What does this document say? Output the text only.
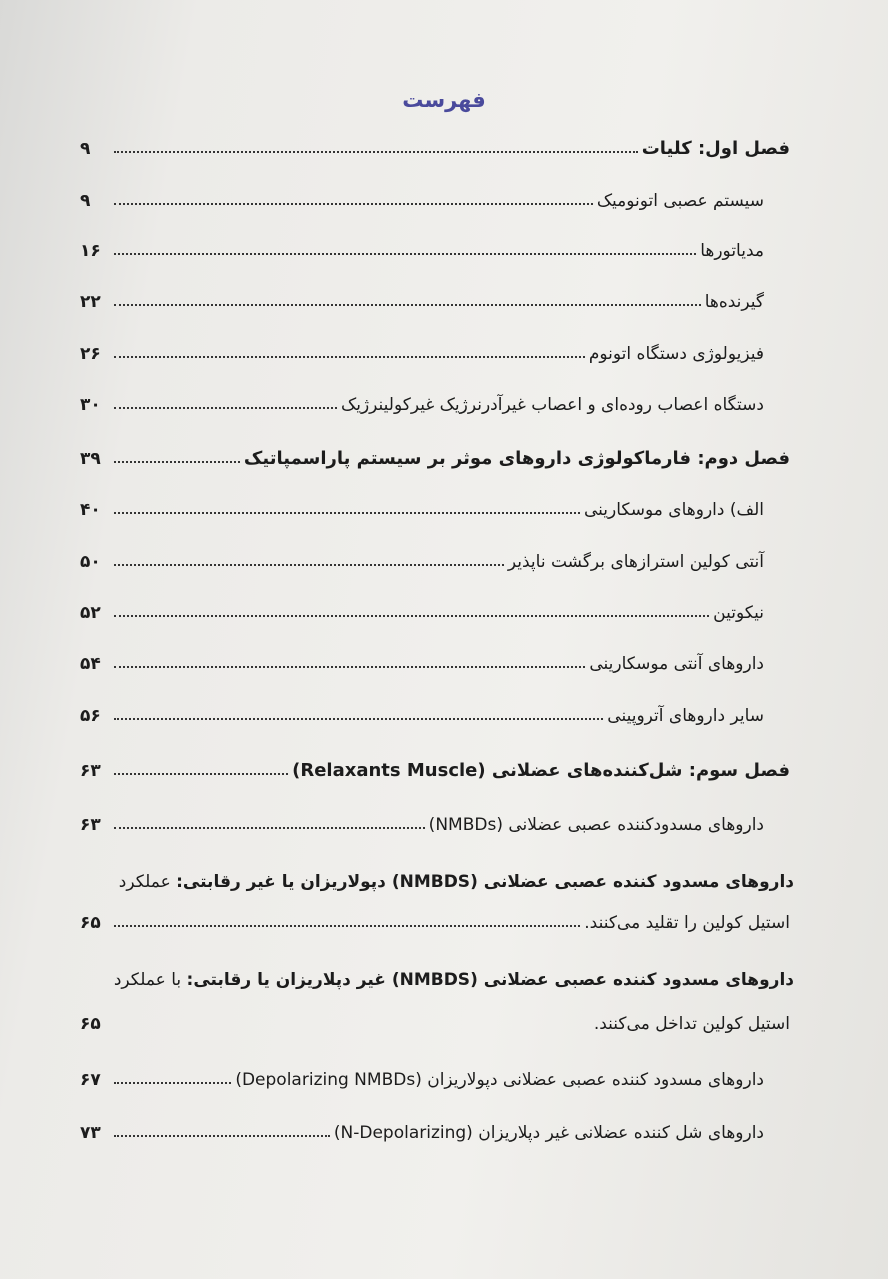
فهرست
فصل اول: کلیات
۹
سیستم عصبی اتونومیک
۹
مدیاتورها
۱۶
گیرنده‌ها
۲۲
فیزیولوژی دستگاه اتونوم
۲۶
دستگاه اعصاب روده‌ای و اعصاب غیرآدرنرژیک غیرکولینرژیک
۳۰
فصل دوم: فارماکولوژی داروهای موثر بر سیستم پاراسمپاتیک
۳۹
الف) داروهای موسکارینی
۴۰
آنتی کولین استرازهای برگشت ناپذیر
۵۰
نیکوتین
۵۲
داروهای آنتی موسکارینی
۵۴
سایر داروهای آتروپینی
۵۶
فصل سوم: شل‌کننده‌های عضلانی (Relaxants Muscle)
۶۳
داروهای مسدودکننده عصبی عضلانی (NMBDs)
۶۳
داروهای مسدود کننده عصبی عضلانی (NMBDS) دپولاریزان یا غیر رقابتی: عملکرد
استیل کولین را تقلید می‌کنند.
۶۵
داروهای مسدود کننده عصبی عضلانی (NMBDS) غیر دپلاریزان یا رقابتی: با عملکرد
استیل کولین تداخل می‌کنند.
۶۵
داروهای مسدود کننده عصبی عضلانی دپولاریزان (Depolarizing NMBDs)
۶۷
داروهای شل کننده عضلانی غیر دپلاریزان (N-Depolarizing)
۷۳
